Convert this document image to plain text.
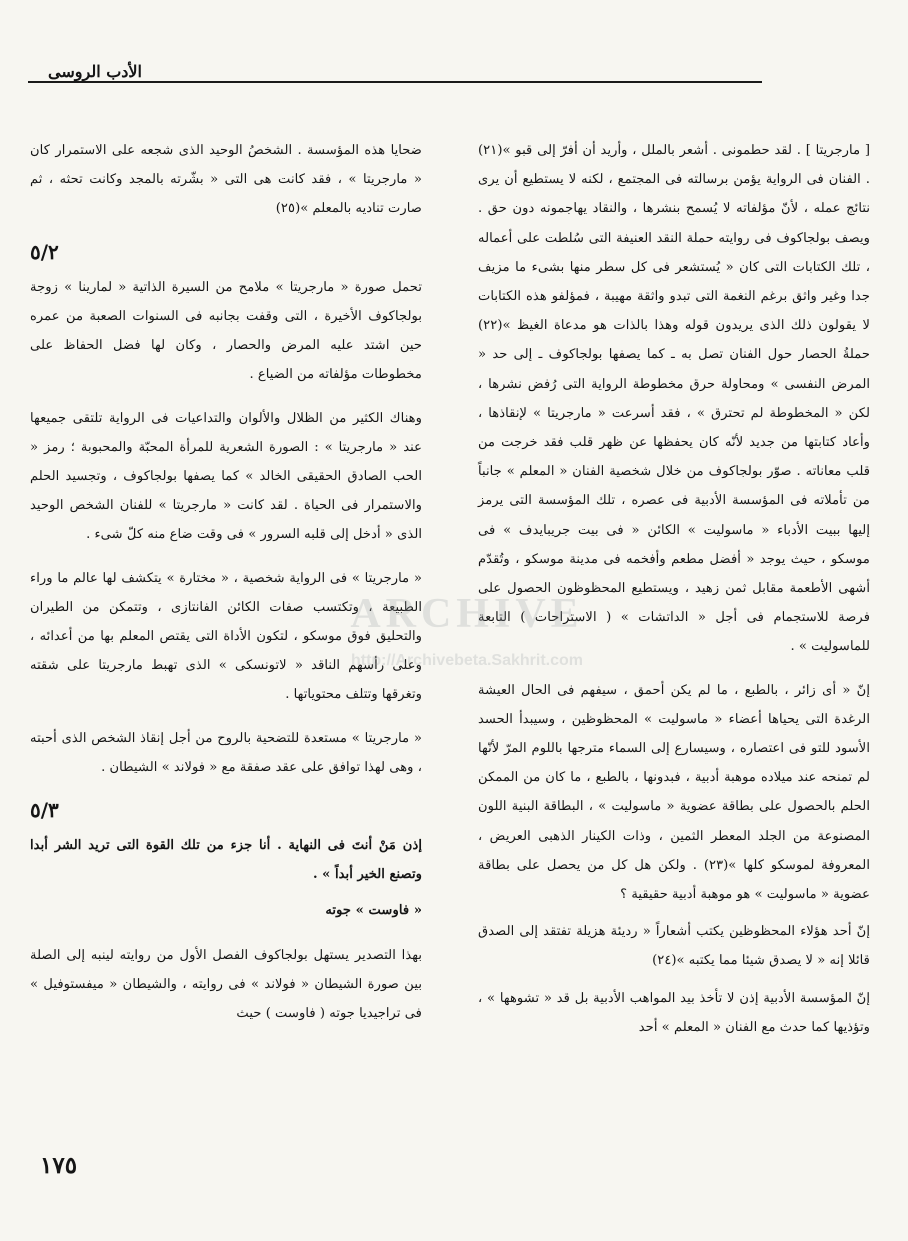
الأدب الروسى

[ مارجريتا ] . لقد حطمونى . أشعر بالملل ، وأريد أن أفرّ إلى قبو »(٢١) . الفنان فى الرواية يؤمن برسالته فى المجتمع ، لكنه لا يستطيع أن يرى نتائج عمله ، لأنّ مؤلفاته لا يُسمح بنشرها ، والنقاد يهاجمونه دون حق . ويصف بولجاكوف فى روايته حملة النقد العنيفة التى سُلطت على أعماله ، تلك الكتابات التى كان « يُستشعر فى كل سطر منها بشىء ما مزيف جدا وغير واثق برغم النغمة التى تبدو واثقة مهيبة ، فمؤلفو هذه الكتابات لا يقولون ذلك الذى يريدون قوله وهذا بالذات هو مدعاة الغيظ »(٢٢) حملةُ الحصار حول الفنان تصل به ـ كما يصفها بولجاكوف ـ إلى حد « المرض النفسى » ومحاولة حرق مخطوطة الرواية التى رُفض نشرها ، لكن « المخطوطة لم تحترق » ، فقد أسرعت « مارجريتا » لإنقاذها ، وأعاد كتابتها من جديد لأنّه كان يحفظها عن ظهر قلب فقد خرجت من قلب معاناته . صوّر بولجاكوف من خلال شخصية الفنان « المعلم » جانباً من تأملاته فى المؤسسة الأدبية فى عصره ، تلك المؤسسة التى يرمز إليها ببيت الأدباء « ماسوليت » الكائن « فى بيت جريبايدف » فى موسكو ، حيث يوجد « أفضل مطعم وأفخمه فى مدينة موسكو ، وتُقدّم أشهى الأطعمة مقابل ثمن زهيد ، ويستطيع المحظوظون الحصول على فرصة للاستجمام فى أجل « الداتشات » ( الاستراحات ) التابعة للماسوليت » .

إنّ « أى زائر ، بالطبع ، ما لم يكن أحمق ، سيفهم فى الحال العيشة الرغدة التى يحياها أعضاء « ماسوليت » المحظوظين ، وسيبدأ الحسد الأسود للتو فى اعتصاره ، وسيسارع إلى السماء مترجها باللوم المرّ لأنّها لم تمنحه عند ميلاده موهبة أدبية ، فبدونها ، بالطبع ، ما كان من الممكن الحلم بالحصول على بطاقة عضوية « ماسوليت » ، البطاقة البنية اللون المصنوعة من الجلد المعطر الثمين ، وذات الكينار الذهبى العريض ، المعروفة لموسكو كلها »(٢٣) . ولكن هل كل من يحصل على بطاقة عضوية « ماسوليت » هو موهبة أدبية حقيقية ؟

إنّ أحد هؤلاء المحظوظين يكتب أشعاراً « رديئة هزيلة تفتقد إلى الصدق قائلا إنه « لا يصدق شيئا مما يكتبه »(٢٤)

إنّ المؤسسة الأدبية إذن لا تأخذ بيد المواهب الأدبية بل قد « تشوهها » ، وتؤذيها كما حدث مع الفنان « المعلم » أحد

ضحايا هذه المؤسسة . الشخصُ الوحيد الذى شجعه على الاستمرار كان « مارجريتا » ، فقد كانت هى التى « بشّرته بالمجد وكانت تحثه ، ثم صارت تناديه بالمعلم »(٢٥)

٥/٢

تحمل صورة « مارجريتا » ملامح من السيرة الذاتية « لمارينا » زوجة بولجاكوف الأخيرة ، التى وقفت بجانبه فى السنوات الصعبة من عمره حين اشتد عليه المرض والحصار ، وكان لها فضل الحفاظ على مخطوطات مؤلفاته من الضياع .

وهناك الكثير من الظلال والألوان والتداعيات فى الرواية تلتقى جميعها عند « مارجريتا » : الصورة الشعرية للمرأة المحبّة والمحبوبة ؛ رمز « الحب الصادق الحقيقى الخالد » كما يصفها بولجاكوف ، وتجسيد الحلم والاستمرار فى الحياة . لقد كانت « مارجريتا » للفنان الشخص الوحيد الذى « أدخل إلى قلبه السرور » فى وقت ضاع منه كلّ شىء .

« مارجريتا » فى الرواية شخصية ، « مختارة » يتكشف لها عالم ما وراء الطبيعة ، وتكتسب صفات الكائن الفانتازى ، وتتمكن من الطيران والتحليق فوق موسكو ، لتكون الأداة التى يقتص المعلم بها من أعدائه ، وعلى رأسهم الناقد « لاتونسكى » الذى تهبط مارجريتا على شقته وتغرقها وتتلف محتوياتها .

« مارجريتا » مستعدة للتضحية بالروح من أجل إنقاذ الشخص الذى أحبته ، وهى لهذا توافق على عقد صفقة مع « فولاند » الشيطان .

٥/٣

إذن مَنْ أنتَ فى النهاية . أنا جزء من تلك القوة التى تريد الشر أبدا وتصنع الخير أبداً » .

« فاوست » جوته

بهذا التصدير يستهل بولجاكوف الفصل الأول من روايته لينبه إلى الصلة بين صورة الشيطان « فولاند » فى روايته ، والشيطان « ميفستوفيل » فى تراجيديا جوته ( فاوست ) حيث

ARCHIVE
http://Archivebeta.Sakhrit.com
١٧٥
